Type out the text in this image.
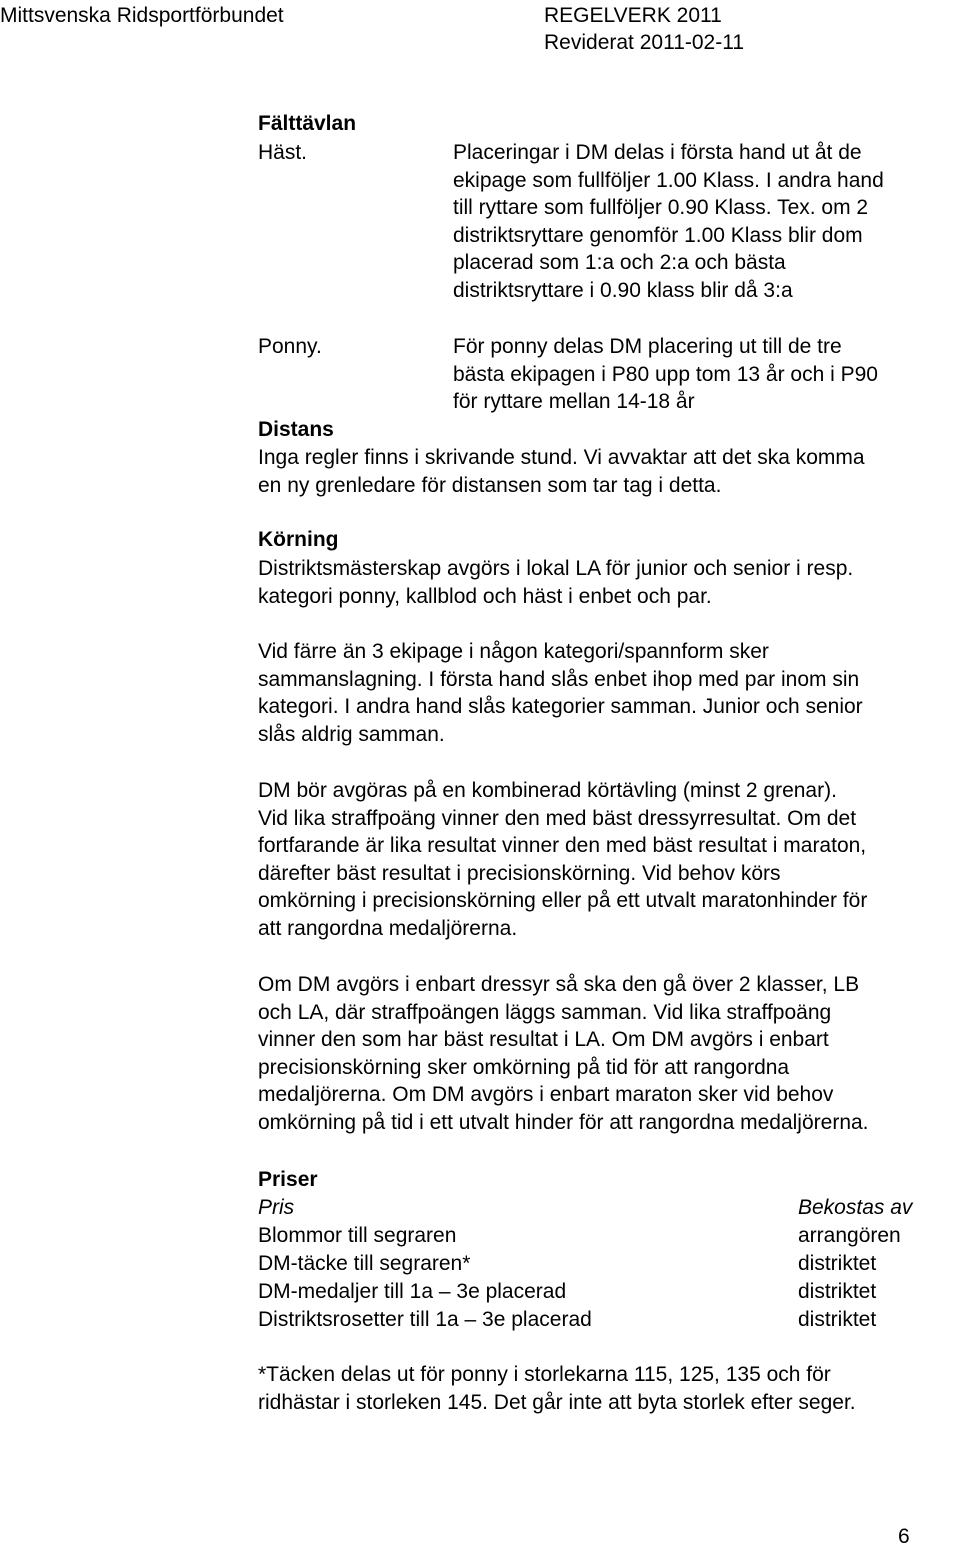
Mittsvenska Ridsportförbundet	REGELVERK 2011
Reviderat 2011-02-11
Fälttävlan
Häst.	Placeringar i DM delas i första hand ut åt de
ekipage som fullföljer 1.00 Klass. I andra hand
till ryttare som fullföljer 0.90 Klass. Tex. om 2
distriktsryttare genomför 1.00 Klass blir dom
placerad som 1:a och 2:a och bästa
distriktsryttare i 0.90 klass blir då 3:a
Ponny.	För ponny delas DM placering ut till de tre
bästa ekipagen i P80 upp tom 13 år och i P90
för ryttare mellan 14-18 år
Distans
Inga regler finns i skrivande stund. Vi avvaktar att det ska komma
en ny grenledare för distansen som tar tag i detta.
Körning
Distriktsmästerskap avgörs i lokal LA för junior och senior i resp.
kategori ponny, kallblod och häst i enbet och par.
Vid färre än 3 ekipage i någon kategori/spannform sker
sammanslagning. I första hand slås enbet ihop med par inom sin
kategori. I andra hand slås kategorier samman. Junior och senior
slås aldrig samman.
DM bör avgöras på en kombinerad körtävling (minst 2 grenar).
Vid lika straffpoäng vinner den med bäst dressyrresultat. Om det
fortfarande är lika resultat vinner den med bäst resultat i maraton,
därefter bäst resultat i precisionskörning. Vid behov körs
omkörning i precisionskörning eller på ett utvalt maratonhinder för
att rangordna medaljörerna.
Om DM avgörs i enbart dressyr så ska den gå över 2 klasser, LB
och LA, där straffpoängen läggs samman. Vid lika straffpoäng
vinner den som har bäst resultat i LA. Om DM avgörs i enbart
precisionskörning sker omkörning på tid för att rangordna
medaljörerna. Om DM avgörs i enbart maraton sker vid behov
omkörning på tid i ett utvalt hinder för att rangordna medaljörerna.
Priser
Pris	Bekostas av
Blommor till segraren	arrangören
DM-täcke till segraren*	distriktet
DM-medaljer till 1a – 3e placerad	distriktet
Distriktsrosetter till 1a – 3e placerad	distriktet
*Täcken delas ut för ponny i storlekarna 115, 125, 135 och för
ridhästar i storleken 145. Det går inte att byta storlek efter seger.
6
